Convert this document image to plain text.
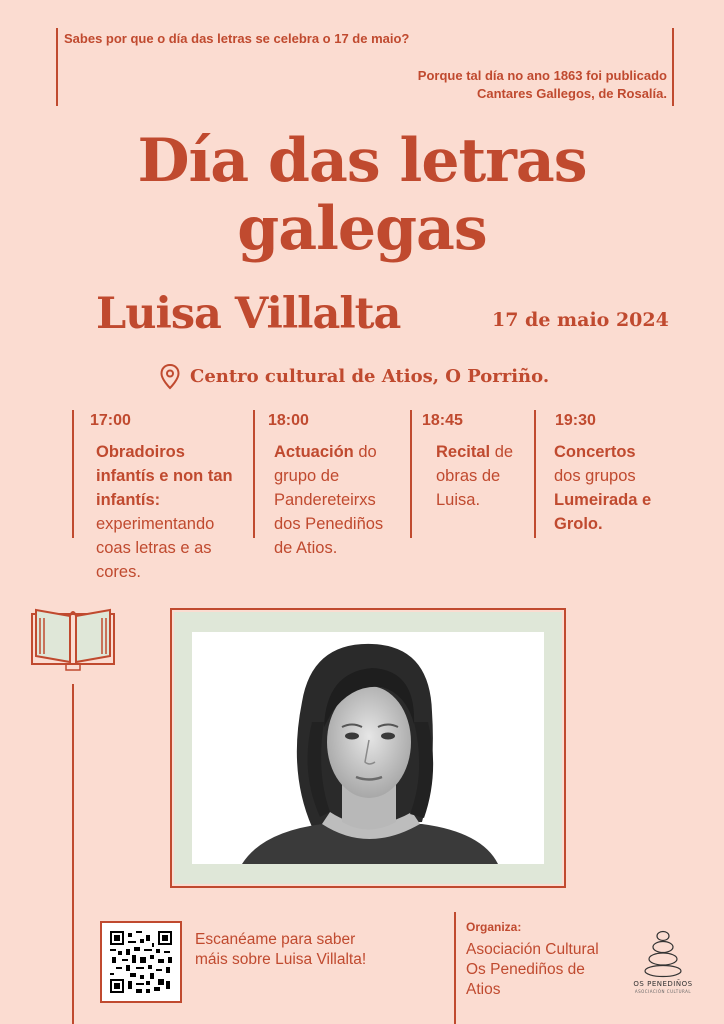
Sabes por que o día das letras se celebra o 17 de maio?
Porque tal día no ano 1863 foi publicado
Cantares Gallegos, de Rosalía.
Día das letras
galegas
Luisa Villalta	17 de maio 2024
Centro cultural de Atios, O Porriño.
17:00
Obradoiros infantís e non tan infantís: experimentando coas letras e as cores.
18:00
Actuación do grupo de Pandereteirxs dos Penediños de Atios.
18:45
Recital de obras de Luisa.
19:30
Concertos dos grupos Lumeirada e Grolo.
Escanéame para saber máis sobre Luisa Villalta!
Organiza:
Asociación Cultural Os Penediños de Atios	OS PENEDIÑOS
ASOCIACIÓN CULTURAL
